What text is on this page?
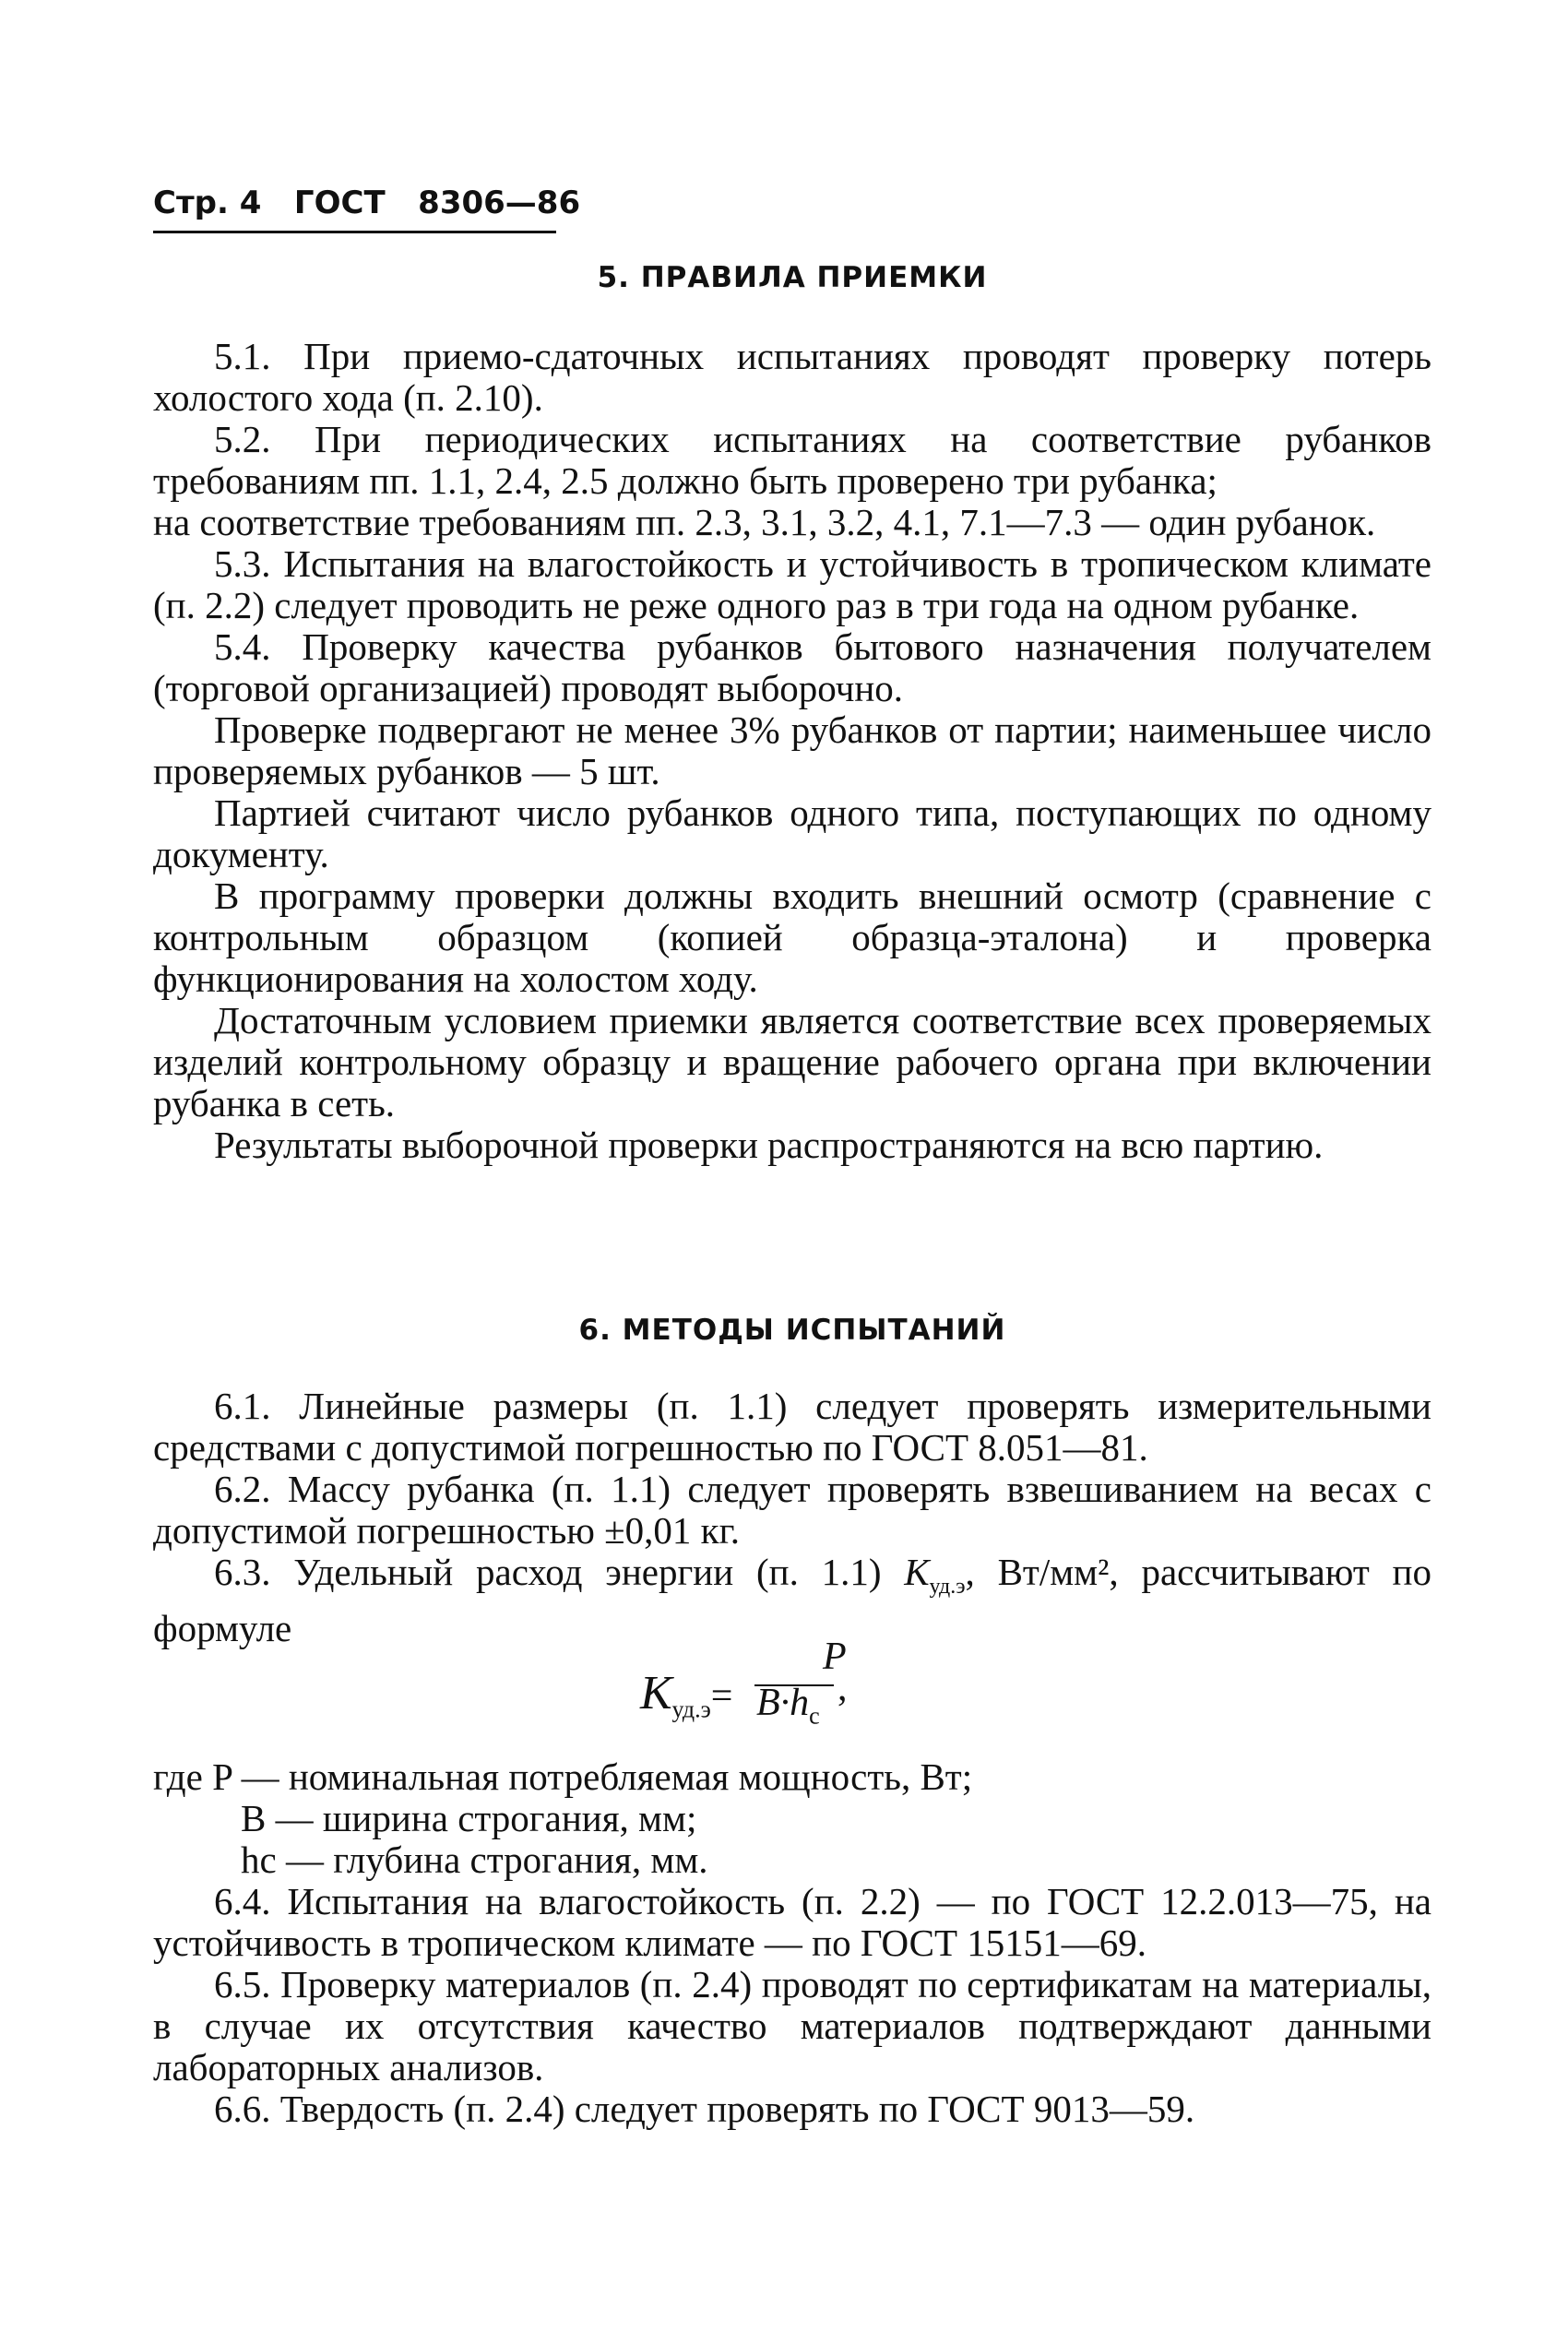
Стр. 4 ГОСТ 8306—86
5. ПРАВИЛА ПРИЕМКИ

5.1. При приемо-сдаточных испытаниях проводят проверку потерь холостого хода (п. 2.10).

5.2. При периодических испытаниях на соответствие рубанков требованиям пп. 1.1, 2.4, 2.5 должно быть проверено три рубанка;

на соответствие требованиям пп. 2.3, 3.1, 3.2, 4.1, 7.1—7.3 — один рубанок.

5.3. Испытания на влагостойкость и устойчивость в тропическом климате (п. 2.2) следует проводить не реже одного раз в три года на одном рубанке.

5.4. Проверку качества рубанков бытового назначения получателем (торговой организацией) проводят выборочно.

Проверке подвергают не менее 3% рубанков от партии; наименьшее число проверяемых рубанков — 5 шт.

Партией считают число рубанков одного типа, поступающих по одному документу.

В программу проверки должны входить внешний осмотр (сравнение с контрольным образцом (копией образца-эталона) и проверка функционирования на холостом ходу.

Достаточным условием приемки является соответствие всех проверяемых изделий контрольному образцу и вращение рабочего органа при включении рубанка в сеть.

Результаты выборочной проверки распространяются на всю партию.

6. МЕТОДЫ ИСПЫТАНИЙ

6.1. Линейные размеры (п. 1.1) следует проверять измерительными средствами с допустимой погрешностью по ГОСТ 8.051—81.

6.2. Массу рубанка (п. 1.1) следует проверять взвешиванием на весах с допустимой погрешностью ±0,01 кг.

6.3. Удельный расход энергии (п. 1.1) $К_{уд.э}$, Вт/мм², рассчитывают по формуле

$К_{уд.э}=$
P
$B\cdot h_с$
,

где P — номинальная потребляемая мощность, Вт;

B — ширина строгания, мм;

hс — глубина строгания, мм.

6.4. Испытания на влагостойкость (п. 2.2) — по ГОСТ 12.2.013—75, на устойчивость в тропическом климате — по ГОСТ 15151—69.

6.5. Проверку материалов (п. 2.4) проводят по сертификатам на материалы, в случае их отсутствия качество материалов подтверждают данными лабораторных анализов.

6.6. Твердость (п. 2.4) следует проверять по ГОСТ 9013—59.
